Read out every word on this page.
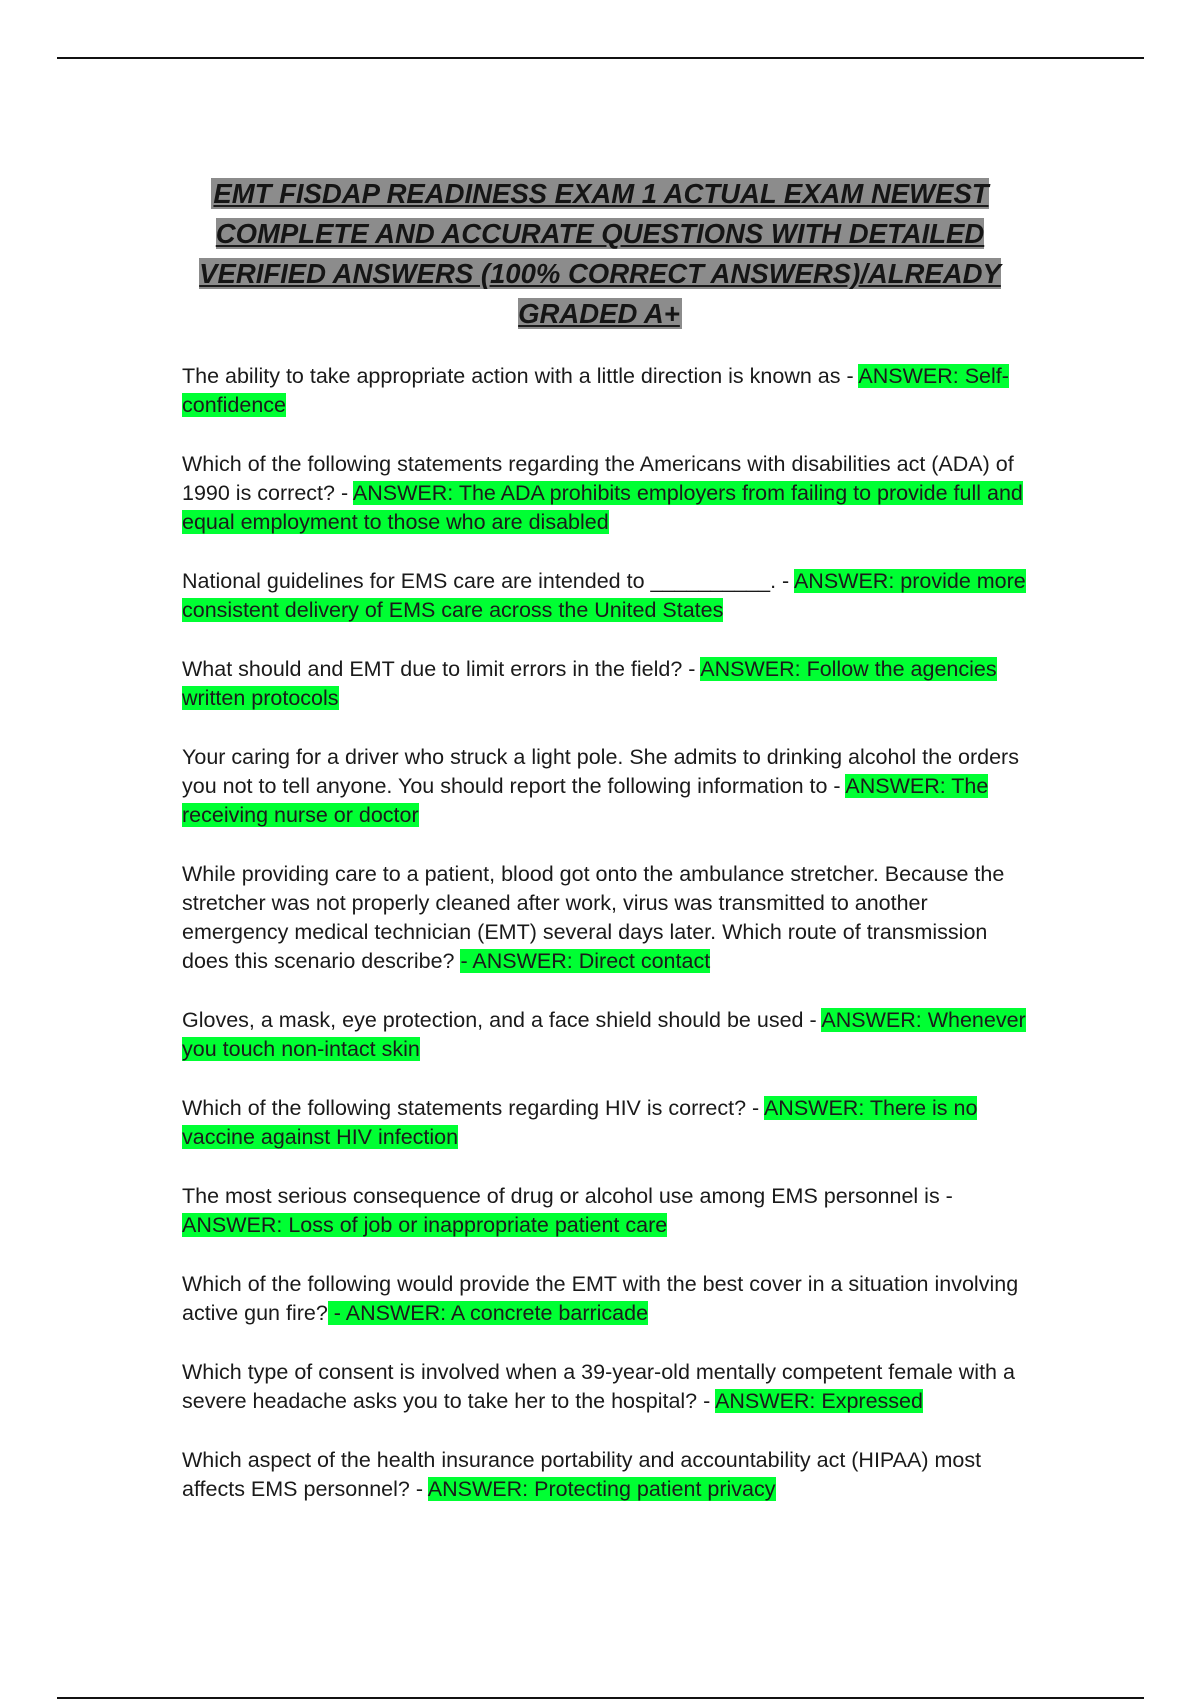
EMT FISDAP READINESS EXAM 1 ACTUAL EXAM NEWEST COMPLETE AND ACCURATE QUESTIONS WITH DETAILED VERIFIED ANSWERS (100% CORRECT ANSWERS)/ALREADY GRADED A+

The ability to take appropriate action with a little direction is known as - ANSWER: Self-confidence

Which of the following statements regarding the Americans with disabilities act (ADA) of 1990 is correct? - ANSWER: The ADA prohibits employers from failing to provide full and equal employment to those who are disabled

National guidelines for EMS care are intended to __________. - ANSWER: provide more consistent delivery of EMS care across the United States

What should and EMT due to limit errors in the field? - ANSWER: Follow the agencies written protocols

Your caring for a driver who struck a light pole. She admits to drinking alcohol the orders you not to tell anyone. You should report the following information to - ANSWER: The receiving nurse or doctor

While providing care to a patient, blood got onto the ambulance stretcher. Because the stretcher was not properly cleaned after work, virus was transmitted to another emergency medical technician (EMT) several days later. Which route of transmission does this scenario describe? - ANSWER: Direct contact

Gloves, a mask, eye protection, and a face shield should be used - ANSWER: Whenever you touch non-intact skin

Which of the following statements regarding HIV is correct? - ANSWER: There is no vaccine against HIV infection

The most serious consequence of drug or alcohol use among EMS personnel is - ANSWER: Loss of job or inappropriate patient care

Which of the following would provide the EMT with the best cover in a situation involving active gun fire? - ANSWER: A concrete barricade

Which type of consent is involved when a 39-year-old mentally competent female with a severe headache asks you to take her to the hospital? - ANSWER: Expressed

Which aspect of the health insurance portability and accountability act (HIPAA) most affects EMS personnel? - ANSWER: Protecting patient privacy
